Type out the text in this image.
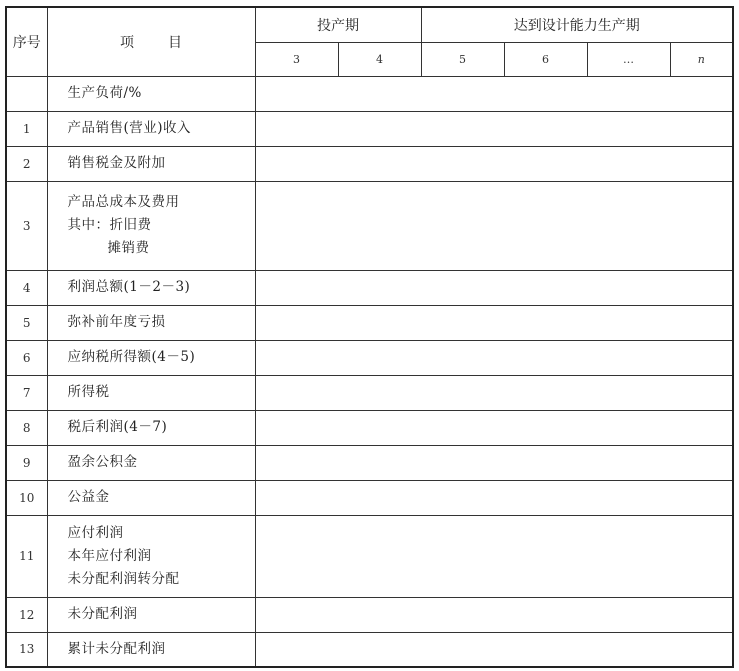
序号	项 目	投产期		达到设计能力生产期			
		3	4	5	6	…	n

	生产负荷/%						

1	产品销售(营业)收入						

2	销售税金及附加						

3	产品总成本及费用
其中：折旧费
摊销费						

4	利润总额(1－2－3)						

5	弥补前年度亏损						

6	应纳税所得额(4－5)						

7	所得税						

8	税后利润(4－7)						

9	盈余公积金						

10	公益金						

11	应付利润
本年应付利润
未分配利润转分配						

12	未分配利润						

13	累计未分配利润						
